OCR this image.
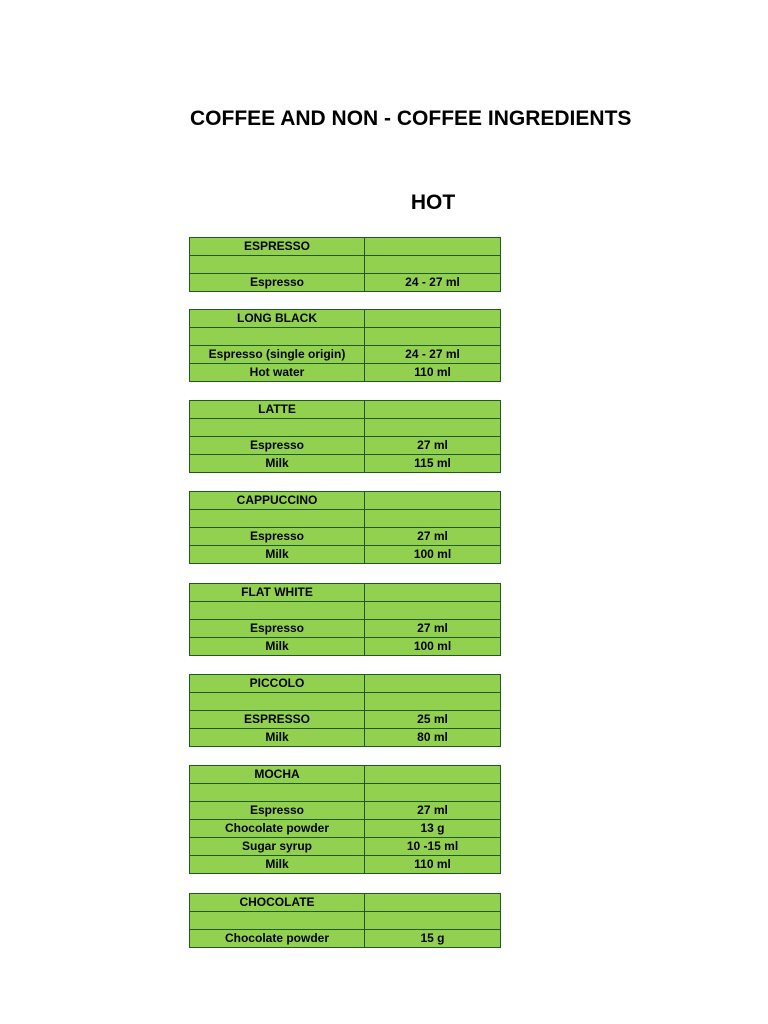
COFFEE AND NON - COFFEE INGREDIENTS
HOT
ESPRESSO
Espresso	24 - 27 ml
LONG BLACK
Espresso (single origin)	24 - 27 ml
Hot water	110 ml
LATTE
Espresso	27 ml
Milk	115 ml
CAPPUCCINO
Espresso	27 ml
Milk	100 ml
FLAT WHITE
Espresso	27 ml
Milk	100 ml
PICCOLO
ESPRESSO	25 ml
Milk	80 ml
MOCHA
Espresso	27 ml
Chocolate powder	13 g
Sugar syrup	10 -15 ml
Milk	110 ml
CHOCOLATE
Chocolate powder	15 g
